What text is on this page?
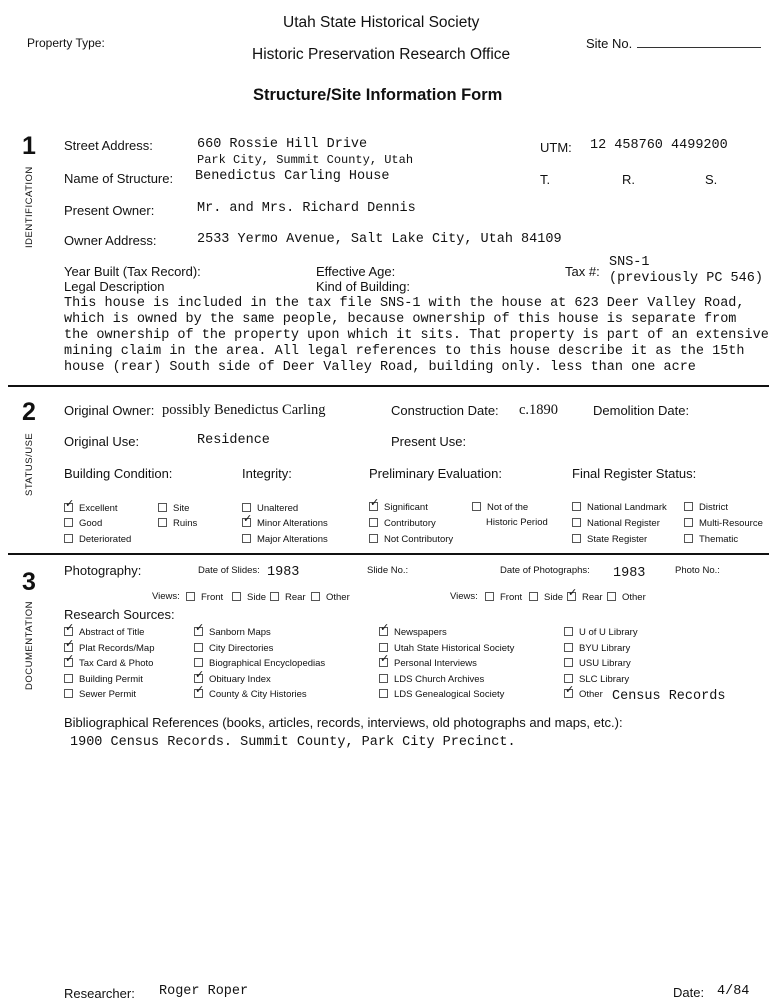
Utah State Historical Society
Historic Preservation Research Office
Property Type:	Site No.
Structure/Site Information Form
1
IDENTIFICATION
Street Address:	660 Rossie Hill Drive
Park City, Summit County, Utah
UTM: 12 458760 4499200
Name of Structure: Benedictus Carling House	T.	R.	S.
Present Owner:	Mr. and Mrs. Richard Dennis
Owner Address:	2533 Yermo Avenue, Salt Lake City, Utah 84109
Year Built (Tax Record):	Effective Age:	Tax #:
SNS-1
(previously PC 546)
Legal Description	Kind of Building:
This house is included in the tax file SNS-1 with the house at 623 Deer Valley Road,
which is owned by the same people, because ownership of this house is separate from
the ownership of the property upon which it sits. That property is part of an extensive
mining claim in the area. All legal references to this house describe it as the 15th
house (rear) South side of Deer Valley Road, building only. less than one acre
2
STATUS/USE
Original Owner: possibly Benedictus Carling	Construction Date: c.1890	Demolition Date:
Original Use:	Residence	Present Use:
Building Condition:	Integrity:	Preliminary Evaluation:	Final Register Status:
✓Excellent	Site
Good	Ruins
Deteriorated
Unaltered
✓Minor Alterations
Major Alterations
✓Significant	Not of the
Historic Period
Contributory
Not Contributory
National Landmark	District
National Register	Multi-Resource
State Register	Thematic
3
DOCUMENTATION
Photography:	Date of Slides: 1983	Slide No.:	Date of Photographs: 1983	Photo No.:
Views:	Front	Side	Rear	Other	Views:	Front	Side
✓	Rear	Other
Research Sources:
✓Abstract of Title
✓Plat Records/Map
✓Tax Card & Photo
Building Permit
Sewer Permit
✓Sanborn Maps
City Directories
Biographical Encyclopedias
✓Obituary Index
✓County & City Histories
✓Newspapers
Utah State Historical Society
✓Personal Interviews
LDS Church Archives
LDS Genealogical Society
U of U Library
BYU Library
USU Library
SLC Library
✓Other Census Records
Bibliographical References (books, articles, records, interviews, old photographs and maps, etc.):
1900 Census Records. Summit County, Park City Precinct.
Researcher: Roger Roper	Date: 4/84
